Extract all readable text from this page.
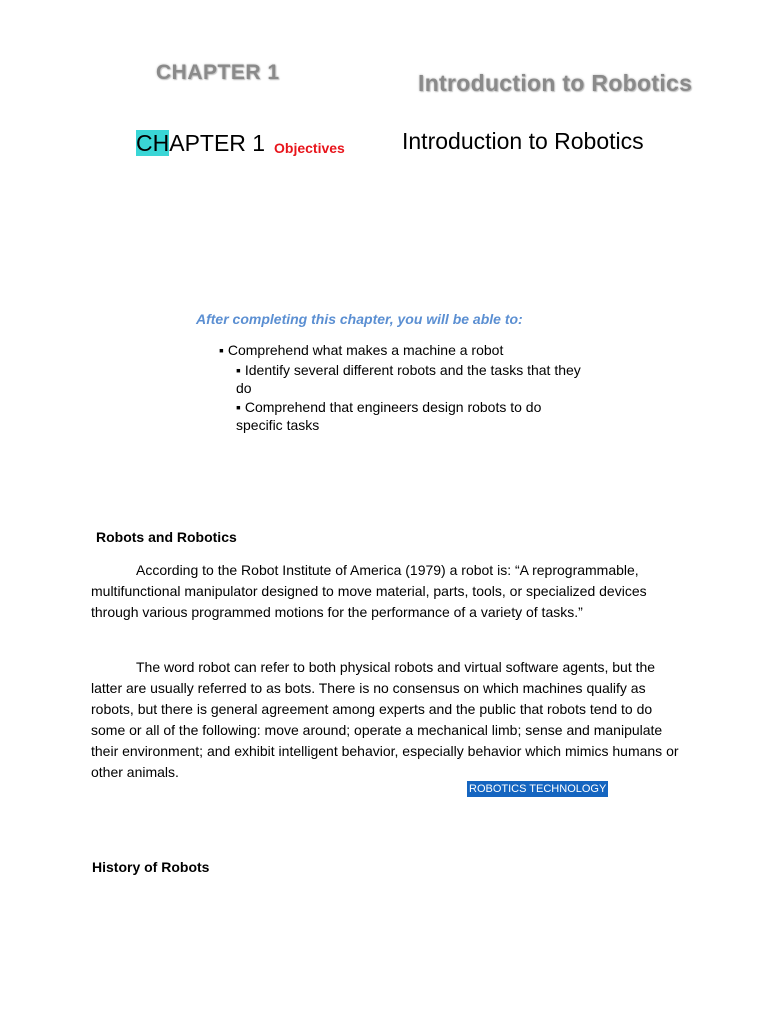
CHAPTER 1	Introduction to Robotics
CHAPTER 1 Objectives Introduction to Robotics
After completing this chapter, you will be able to:
▪ Comprehend what makes a machine a robot
▪ Identify several different robots and the tasks that they do
▪ Comprehend that engineers design robots to do specific tasks
Robots and Robotics

According to the Robot Institute of America (1979) a robot is: “A reprogrammable, multifunctional manipulator designed to move material, parts, tools, or specialized devices through various programmed motions for the performance of a variety of tasks.”

The word robot can refer to both physical robots and virtual software agents, but the latter are usually referred to as bots. There is no consensus on which machines qualify as robots, but there is general agreement among experts and the public that robots tend to do some or all of the following: move around; operate a mechanical limb; sense and manipulate their environment; and exhibit intelligent behavior, especially behavior which mimics humans or other animals.

ROBOTICS TECHNOLOGY
History of Robots
